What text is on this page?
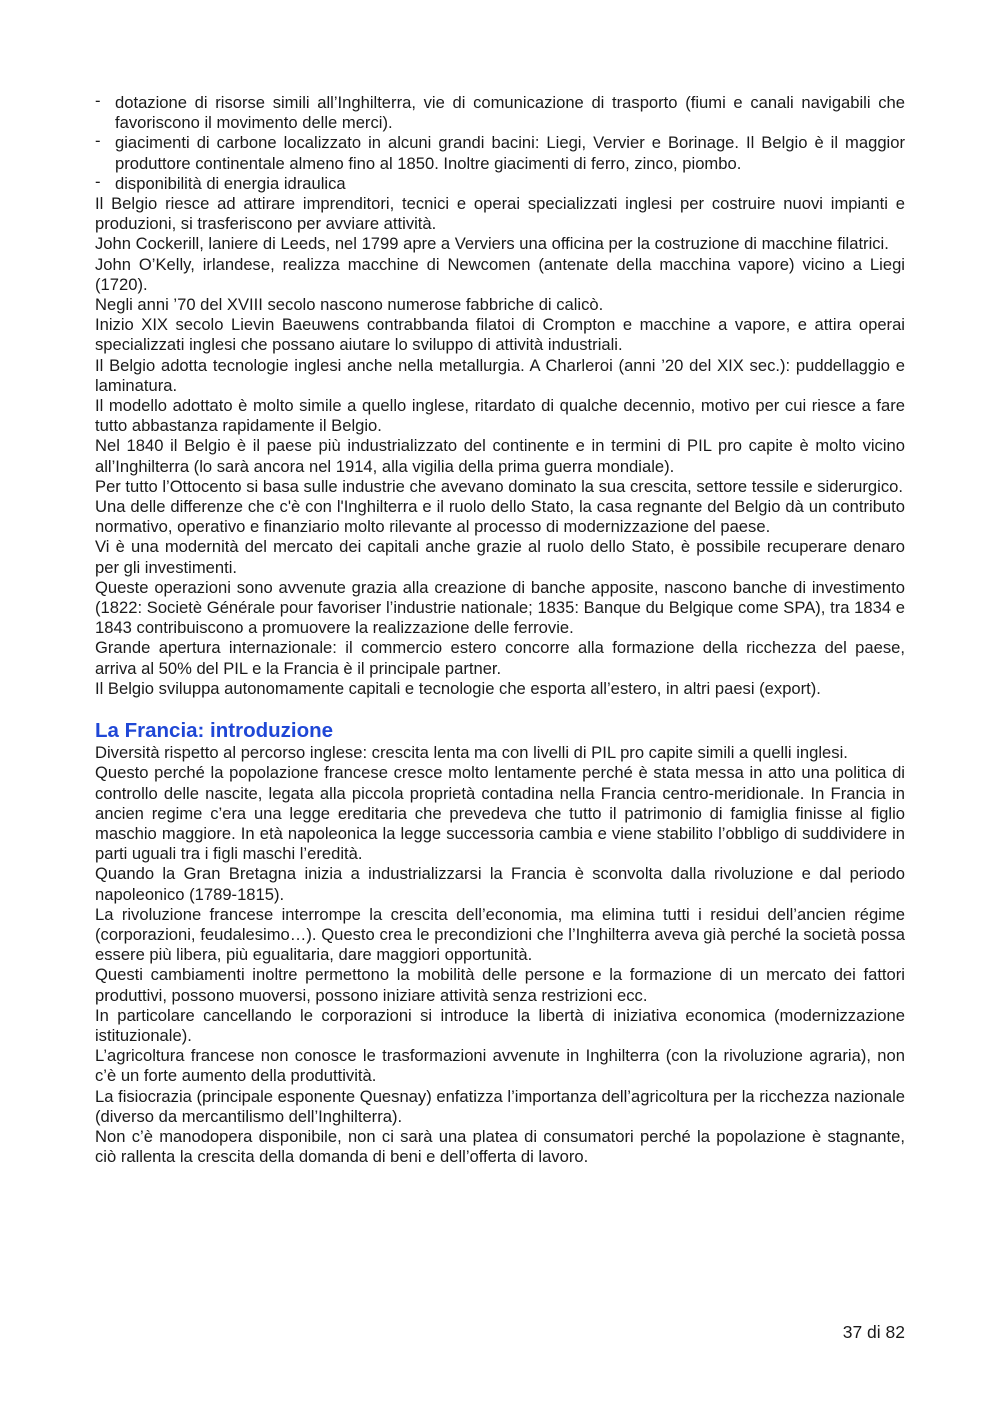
- dotazione di risorse simili all’Inghilterra, vie di comunicazione di trasporto (fiumi e canali navigabili che favoriscono il movimento delle merci).
- giacimenti di carbone localizzato in alcuni grandi bacini: Liegi, Vervier e Borinage. Il Belgio è il maggior produttore continentale almeno fino al 1850. Inoltre giacimenti di ferro, zinco, piombo.
- disponibilità di energia idraulica

Il Belgio riesce ad attirare imprenditori, tecnici e operai specializzati inglesi per costruire nuovi impianti e produzioni, si trasferiscono per avviare attività.

John Cockerill, laniere di Leeds, nel 1799 apre a Verviers una officina per la costruzione di macchine filatrici.

John O’Kelly, irlandese, realizza macchine di Newcomen (antenate della macchina vapore) vicino a Liegi (1720).

Negli anni ’70 del XVIII secolo nascono numerose fabbriche di calicò.

Inizio XIX secolo Lievin Baeuwens contrabbanda filatoi di Crompton e macchine a vapore, e attira operai specializzati inglesi che possano aiutare lo sviluppo di attività industriali.

Il Belgio adotta tecnologie inglesi anche nella metallurgia. A Charleroi (anni ’20 del XIX sec.): puddellaggio e laminatura.

Il modello adottato è molto simile a quello inglese, ritardato di qualche decennio, motivo per cui riesce a fare tutto abbastanza rapidamente il Belgio.

Nel 1840 il Belgio è il paese più industrializzato del continente e in termini di PIL pro capite è molto vicino all’Inghilterra (lo sarà ancora nel 1914, alla vigilia della prima guerra mondiale).

Per tutto l’Ottocento si basa sulle industrie che avevano dominato la sua crescita, settore tessile e siderurgico.

Una delle differenze che c'è con l'Inghilterra e il ruolo dello Stato, la casa regnante del Belgio dà un contributo normativo, operativo e finanziario molto rilevante al processo di modernizzazione del paese.

Vi è una modernità del mercato dei capitali anche grazie al ruolo dello Stato, è possibile recuperare denaro per gli investimenti.

Queste operazioni sono avvenute grazia alla creazione di banche apposite, nascono banche di investimento (1822: Societè Générale pour favoriser l’industrie nationale; 1835: Banque du Belgique come SPA), tra 1834 e 1843 contribuiscono a promuovere la realizzazione delle ferrovie.

Grande apertura internazionale: il commercio estero concorre alla formazione della ricchezza del paese, arriva al 50% del PIL e la Francia è il principale partner.

Il Belgio sviluppa autonomamente capitali e tecnologie che esporta all’estero, in altri paesi (export).

La Francia: introduzione

Diversità rispetto al percorso inglese: crescita lenta ma con livelli di PIL pro capite simili a quelli inglesi.

Questo perché la popolazione francese cresce molto lentamente perché è stata messa in atto una politica di controllo delle nascite, legata alla piccola proprietà contadina nella Francia centro-meridionale. In Francia in ancien regime c’era una legge ereditaria che prevedeva che tutto il patrimonio di famiglia finisse al figlio maschio maggiore. In età napoleonica la legge successoria cambia e viene stabilito l’obbligo di suddividere in parti uguali tra i figli maschi l’eredità.

Quando la Gran Bretagna inizia a industrializzarsi la Francia è sconvolta dalla rivoluzione e dal periodo napoleonico (1789-1815).

La rivoluzione francese interrompe la crescita dell’economia, ma elimina tutti i residui dell’ancien régime (corporazioni, feudalesimo…). Questo crea le precondizioni che l’Inghilterra aveva già perché la società possa essere più libera, più egualitaria, dare maggiori opportunità.

Questi cambiamenti inoltre permettono la mobilità delle persone e la formazione di un mercato dei fattori produttivi, possono muoversi, possono iniziare attività senza restrizioni ecc.

In particolare cancellando le corporazioni si introduce la libertà di iniziativa economica (modernizzazione istituzionale).

L’agricoltura francese non conosce le trasformazioni avvenute in Inghilterra (con la rivoluzione agraria), non c’è un forte aumento della produttività.

La fisiocrazia (principale esponente Quesnay) enfatizza l’importanza dell’agricoltura per la ricchezza nazionale (diverso da mercantilismo dell’Inghilterra).

Non c’è manodopera disponibile, non ci sarà una platea di consumatori perché la popolazione è stagnante, ciò rallenta la crescita della domanda di beni e dell’offerta di lavoro.

37 di 82
